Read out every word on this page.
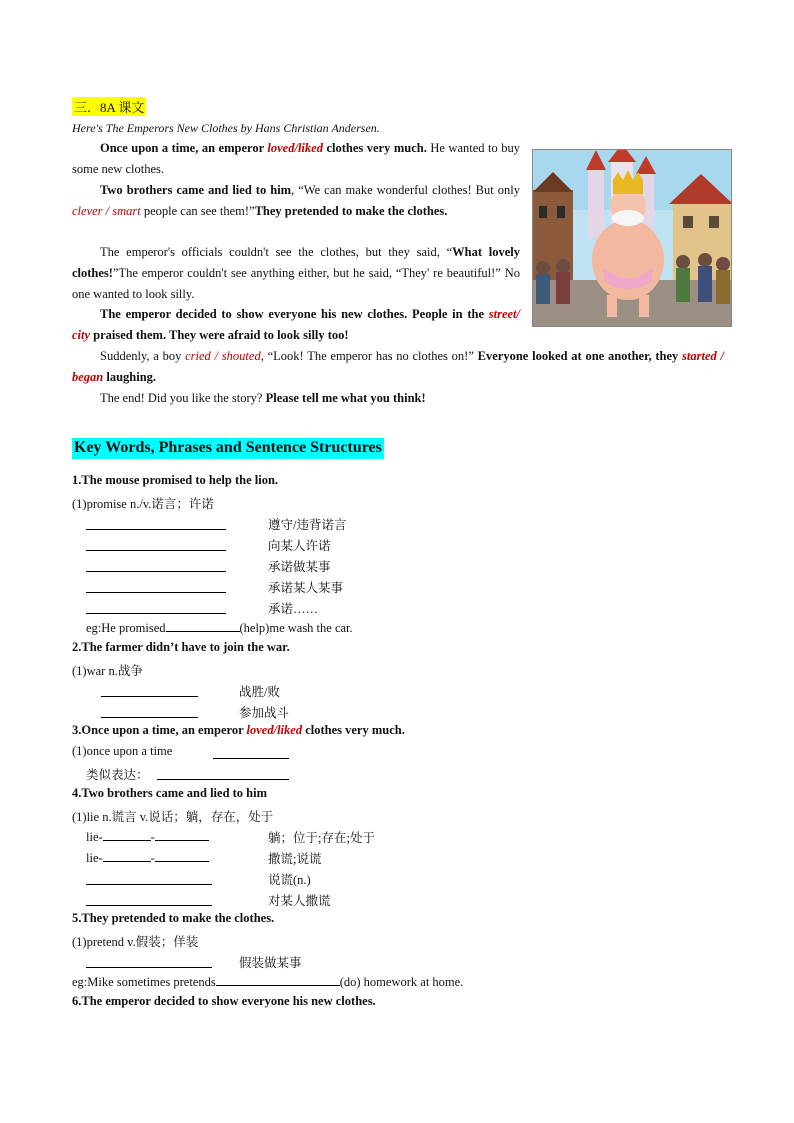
三．8A 课文
Here's The Emperors New Clothes by Hans Christian Andersen.
Once upon a time, an emperor loved/liked clothes very much. He wanted to buy some new clothes.
Two brothers came and lied to him, “We can make wonderful clothes! But only clever / smart people can see them!”They pretended to make the clothes.
The emperor's officials couldn't see the clothes, but they said, “What lovely clothes!”The emperor couldn't see anything either, but he said, “They' re beautiful!” No one wanted to look silly.
The emperor decided to show everyone his new clothes. People in the street/ city praised them. They were afraid to look silly too!
Suddenly, a boy cried / shouted, “Look! The emperor has no clothes on!” Everyone looked at one another, they started / began laughing.
The end! Did you like the story? Please tell me what you think!
Key Words, Phrases and Sentence Structures
1.The mouse promised to help the lion.
(1)promise n./v.诺言；许诺
遵守/违背诺言
向某人许诺
承诺做某事
承诺某人某事
承诺……
eg:He promised	(help)me wash the car.
2.The farmer didn’t have to join the war.
(1)war n.战争
战胜/败
参加战斗
3.Once upon a time, an emperor loved/liked clothes very much.
(1)once upon a time
类似表达：
4.Two brothers came and lied to him
(1)lie n.谎言 v.说话；躺，存在，处于
lie-	-	躺；位于;存在;处于
lie-	-	撒谎;说谎
说谎(n.)
对某人撒谎
5.They pretended to make the clothes.
(1)pretend v.假装；佯装
假装做某事
eg:Mike sometimes pretends	(do) homework at home.
6.The emperor decided to show everyone his new clothes.
